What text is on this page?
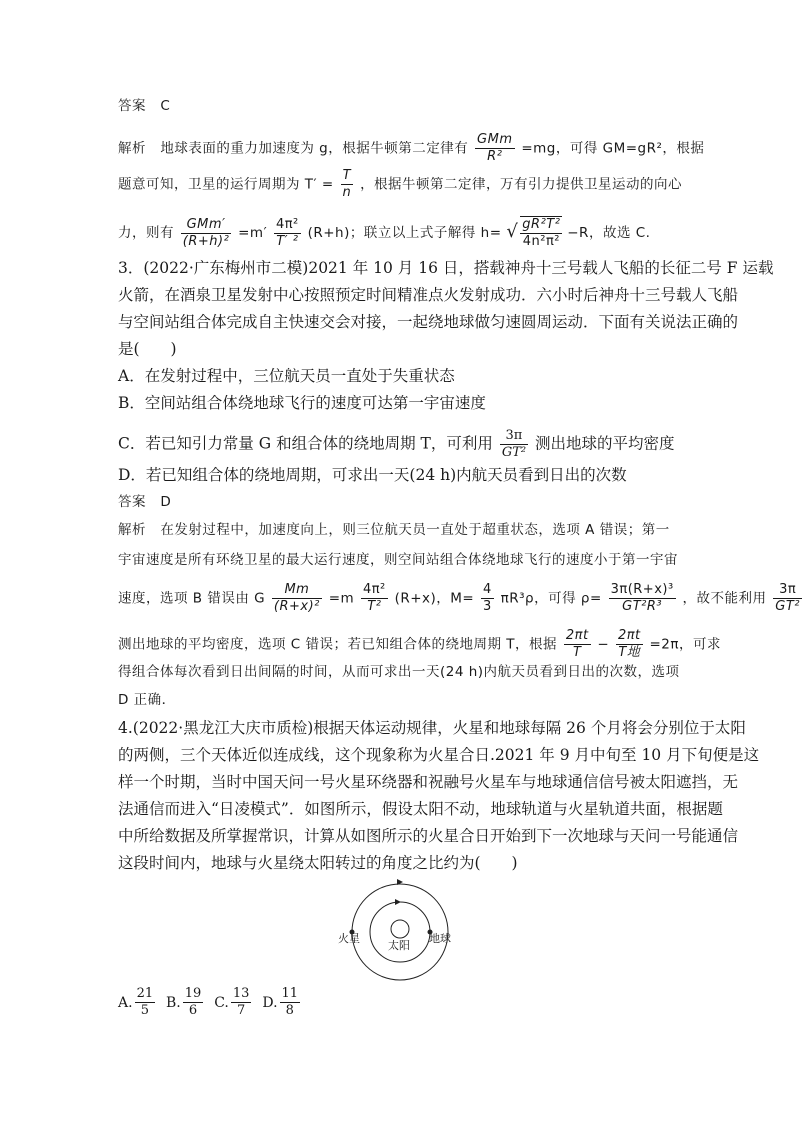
答案 C
解析 地球表面的重力加速度为 g，根据牛顿第二定律有 $\frac{\text{GMm}}{\text{R²}} =mg$，可得 GM=gR²，根据
题意可知，卫星的运行周期为 $T' = \frac{T}{n}$ ，根据牛顿第二定律，万有引力提供卫星运动的向心
力，则有 $\frac{\text{GMm′}}{\text{(R+h)²}} =m' \frac{\text{4π²}}{\text{T′ ²}} (R+h)$；联立以上式子解得 h= √ $\frac{\text{gR²T²}}{\text{4n²π²}} -R$，故选 C.
3．(2022·广东梅州市二模)2021 年 10 月 16 日，搭载神舟十三号载人飞船的长征二号 F 运载
火箭，在酒泉卫星发射中心按照预定时间精准点火发射成功．六小时后神舟十三号载人飞船
与空间站组合体完成自主快速交会对接，一起绕地球做匀速圆周运动．下面有关说法正确的
是(　　)
A．在发射过程中，三位航天员一直处于失重状态
B．空间站组合体绕地球飞行的速度可达第一宇宙速度
C．若已知引力常量 G 和组合体的绕地周期 T，可利用 $\frac{3\pi}{\text{GT²}}$ 测出地球的平均密度
D．若已知组合体的绕地周期，可求出一天(24 h)内航天员看到日出的次数
答案 D
解析 在发射过程中，加速度向上，则三位航天员一直处于超重状态，选项 A 错误；第一
宇宙速度是所有环绕卫星的最大运行速度，则空间站组合体绕地球飞行的速度小于第一宇宙
速度，选项 B 错误由 G $\frac{Mm}{\text{(R+x)²}} =m \frac{\text{4π²}}{\text{T²}} (R+x)$，$M= \frac{4}{3} \pi R^3\rho$，可得 $\rho= \frac{\text{3π(R+x)³}}{\text{GT²R³}}$ ，故不能利用 $\frac{3\pi}{\text{GT²}}$
测出地球的平均密度，选项 C 错误；若已知组合体的绕地周期 T，根据 $\frac{2\pi t}{T} - \frac{2\pi t}{\text{T地}} =2\pi$，可求
得组合体每次看到日出间隔的时间，从而可求出一天(24 h)内航天员看到日出的次数，选项
D 正确．
4.(2022·黑龙江大庆市质检)根据天体运动规律，火星和地球每隔 26 个月将会分别位于太阳
的两侧，三个天体近似连成线，这个现象称为火星合日.2021 年 9 月中旬至 10 月下旬便是这
样一个时期，当时中国天问一号火星环绕器和祝融号火星车与地球通信信号被太阳遮挡，无
法通信而进入“日凌模式”．如图所示，假设太阳不动，地球轨道与火星轨道共面，根据题
中所给数据及所掌握常识，计算从如图所示的火星合日开始到下一次地球与天问一号能通信
这段时间内，地球与火星绕太阳转过的角度之比约为(　　)
火星
太阳
地球
A. $\frac{21}{5} B$. $\frac{19}{6} C$. $\frac{13}{7} D$. $\frac{11}{8}$
